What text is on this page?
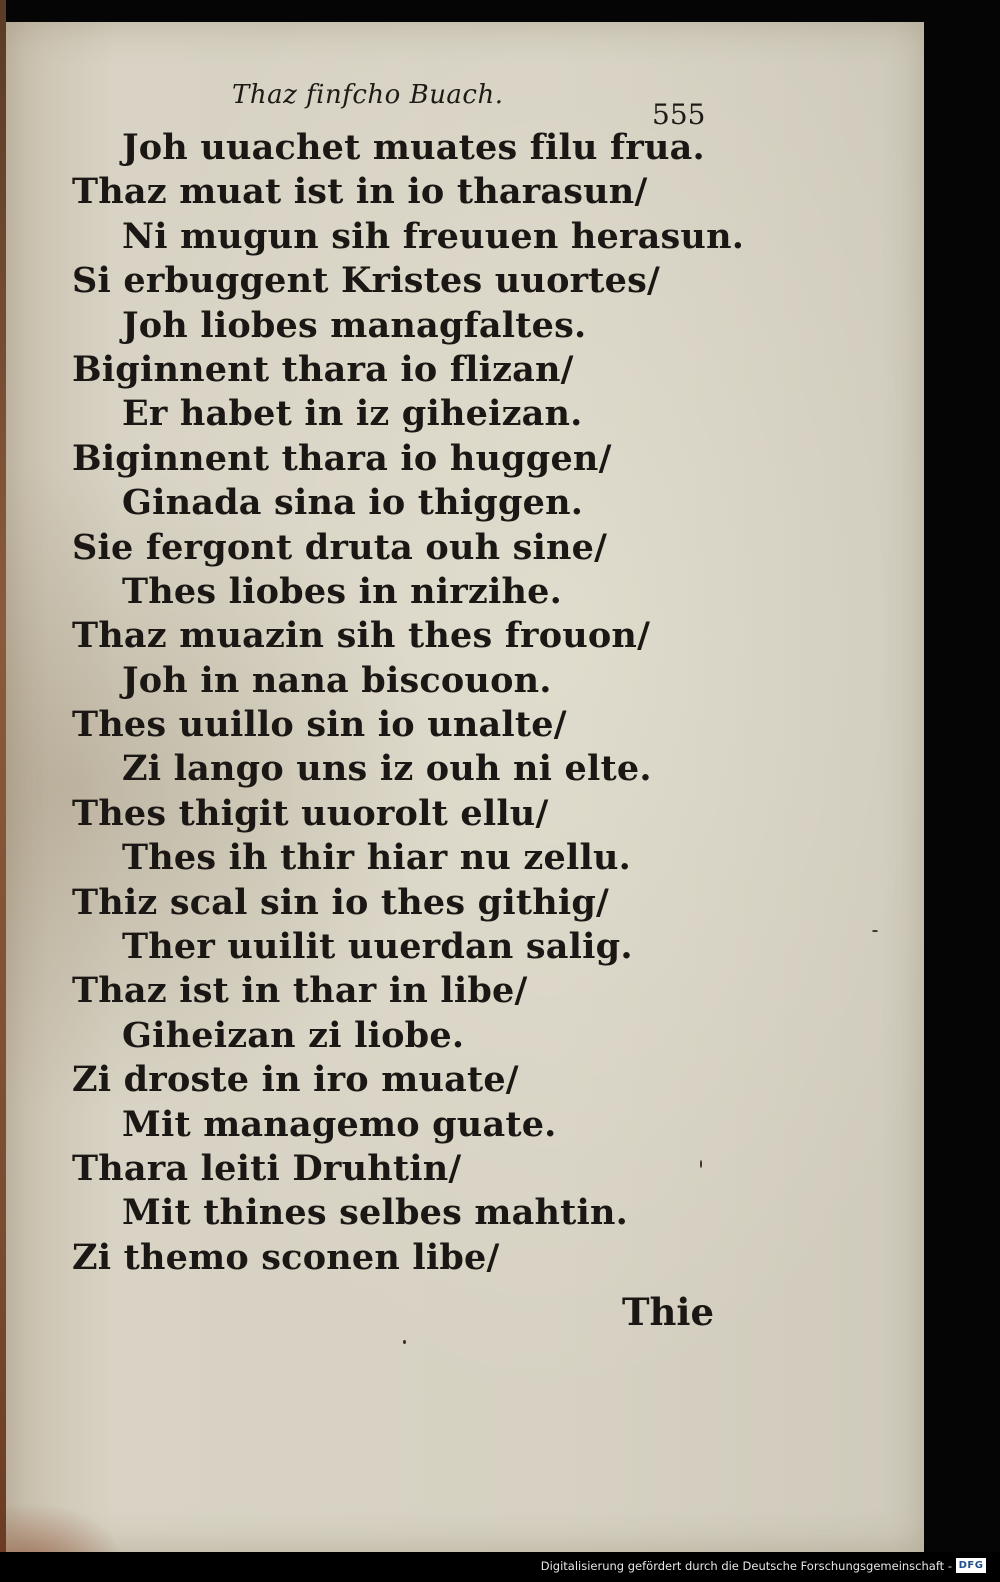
Thaz finfcho Buach.
555
Joh uuachet muates filu frua.
Thaz muat ist in io tharasun/
Ni mugun sih freuuen herasun.
Si erbuggent Kristes uuortes/
Joh liobes managfaltes.
Biginnent thara io flizan/
Er habet in iz giheizan.
Biginnent thara io huggen/
Ginada sina io thiggen.
Sie fergont druta ouh sine/
Thes liobes in nirzihe.
Thaz muazin sih thes frouon/
Joh in nana biscouon.
Thes uuillo sin io unalte/
Zi lango uns iz ouh ni elte.
Thes thigit uuorolt ellu/
Thes ih thir hiar nu zellu.
Thiz scal sin io thes githig/
Ther uuilit uuerdan salig.
Thaz ist in thar in libe/
Giheizan zi liobe.
Zi droste in iro muate/
Mit managemo guate.
Thara leiti Druhtin/
Mit thines selbes mahtin.
Zi themo sconen libe/
Thie
Digitalisierung gefördert durch die Deutsche Forschungsgemeinschaft - DFG
